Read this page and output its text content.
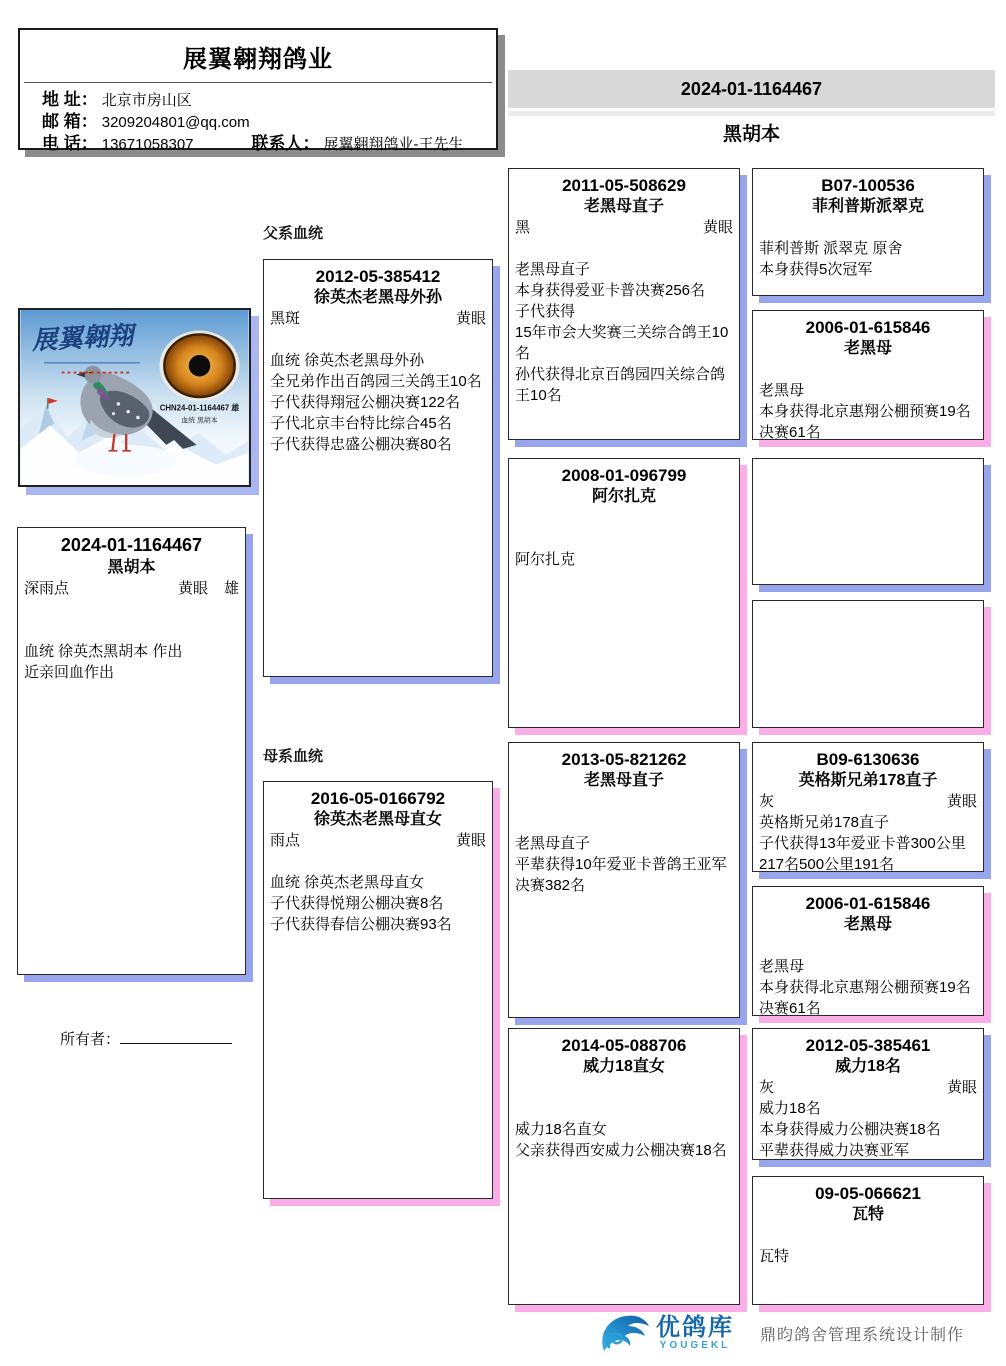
展翼翱翔鸽业
地 址： 北京市房山区
邮 箱： 3209204801@qq.com
电 话： 13671058307	联系人： 展翼翱翔鸽业-王先生
2024-01-1164467
黑胡本
展翼翱翔
CHN24-01-1164467 雄
血统 黑胡本
父系血统
母系血统
2024-01-1164467
黑胡本
深雨点	黄眼 雄
血统 徐英杰黑胡本 作出
近亲回血作出
2012-05-385412
徐英杰老黑母外孙
黑斑	黄眼
血统 徐英杰老黑母外孙
全兄弟作出百鸽园三关鸽王10名
子代获得翔冠公棚决赛122名
子代北京丰台特比综合45名
子代获得忠盛公棚决赛80名
2016-05-0166792
徐英杰老黑母直女
雨点	黄眼
血统 徐英杰老黑母直女
子代获得悦翔公棚决赛8名
子代获得春信公棚决赛93名
2011-05-508629
老黑母直子
黑	黄眼
老黑母直子
本身获得爱亚卡普决赛256名
子代获得
15年市会大奖赛三关综合鸽王10名
孙代获得北京百鸽园四关综合鸽王10名
2008-01-096799
阿尔扎克
阿尔扎克
2013-05-821262
老黑母直子
老黑母直子
平辈获得10年爱亚卡普鸽王亚军 决赛382名
2014-05-088706
威力18直女
威力18名直女
父亲获得西安威力公棚决赛18名
B07-100536
菲利普斯派翠克
菲利普斯 派翠克 原舍
本身获得5次冠军
2006-01-615846
老黑母
老黑母
本身获得北京惠翔公棚预赛19名 决赛61名
B09-6130636
英格斯兄弟178直子
灰	黄眼
英格斯兄弟178直子
子代获得13年爱亚卡普300公里217名500公里191名
2006-01-615846
老黑母
老黑母
本身获得北京惠翔公棚预赛19名 决赛61名
2012-05-385461
威力18名
灰	黄眼
威力18名
本身获得威力公棚决赛18名
平辈获得威力决赛亚军
09-05-066621
瓦特
瓦特
所有者：
优鸽库
YOUGEKL
鼎昀鸽舍管理系统设计制作
